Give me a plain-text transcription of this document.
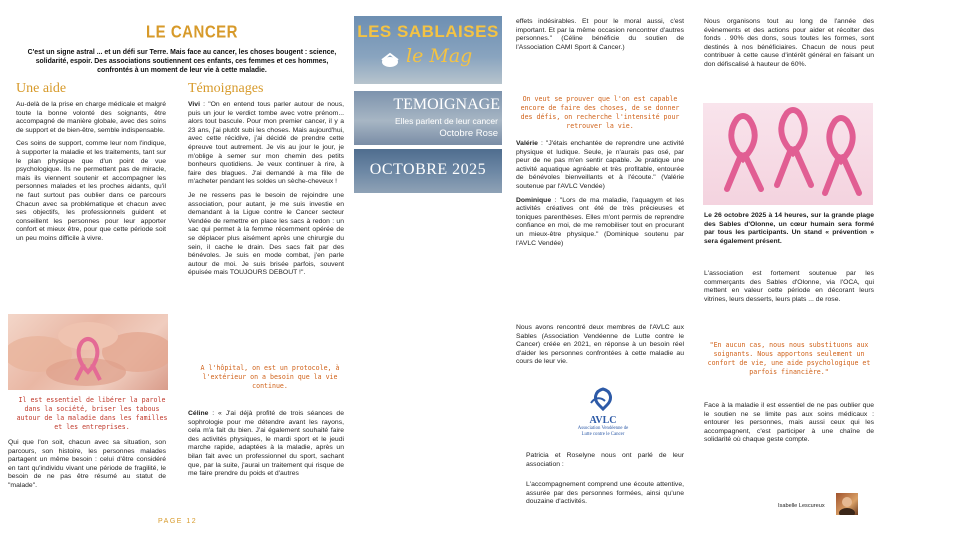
LE CANCER
C'est un signe astral ... et un défi sur Terre. Mais face au cancer, les choses bougent : science, solidarité, espoir. Des associations soutiennent ces enfants, ces femmes et ces hommes, confrontés à un moment de leur vie à cette maladie.
Une aide

Au-delà de la prise en charge médicale et malgré toute la bonne volonté des soignants, être accompagné de manière globale, avec des soins de support et de bien-être, semble indispensable.

Ces soins de support, comme leur nom l'indique, à supporter la maladie et les traitements, tant sur le plan physique que d'un point de vue psychologique. Ils ne permettent pas de miracle, mais ils viennent soutenir et accompagner les personnes malades et les proches aidants, qu'il ne faut surtout pas oublier dans ce parcours Chacun avec sa problématique et chacun avec ses objectifs, les professionnels guident et conseillent les personnes pour leur apporter confort et mieux être, pour que cette période soit un peu moins difficile à vivre.

Il est essentiel de libérer la parole dans la société, briser les tabous autour de la maladie dans les familles et les entreprises.

Qui que l'on soit, chacun avec sa situation, son parcours, son histoire, les personnes malades partagent un même besoin : celui d'être considéré en tant qu'individu vivant une période de fragilité, le besoin de ne pas être résumé au statut de "malade".

PAGE 12
Témoignages

Vivi : "On en entend tous parler autour de nous, puis un jour le verdict tombe avec votre prénom... alors tout bascule. Pour mon premier cancer, il y a 23 ans, j'ai plutôt subi les choses. Mais aujourd'hui, avec cette récidive, j'ai décidé de prendre cette épreuve tout autrement. Je vis au jour le jour, je m'oblige à semer sur mon chemin des petits bonheurs quotidiens. Je veux continuer à rire, à faire des blagues. J'ai demandé à ma fille de m'acheter pendant les soldes un sèche-cheveux !

Je ne ressens pas le besoin de rejoindre une association, pour autant, je me suis investie en demandant à la Ligue contre le Cancer secteur Vendée de remettre en place les sacs à redon : un sac qui permet à la femme récemment opérée de se déplacer plus aisément après une chirurgie du sein, il cache le drain. Des sacs fait par des bénévoles. Je suis en mode combat, j'en parle autour de moi. Je suis brisée parfois, souvent épuisée mais TOUJOURS DEBOUT !".

A l'hôpital, on est un protocole, à l'extérieur on a besoin que la vie continue.

Céline : « J'ai déjà profité de trois séances de sophrologie pour me détendre avant les rayons, cela m'a fait du bien. J'ai également souhaité faire des activités physiques, le mardi sport et le jeudi marche rapide, adaptées à la maladie, après un bilan fait avec un professionnel du sport, sachant que, par la suite, j'aurai un traitement qui risque de me faire prendre du poids et d'autres

LES SABLAISES
le Mag
TEMOIGNAGE
Elles parlent de leur cancer
Octobre Rose
OCTOBRE 2025

effets indésirables. Et pour le moral aussi, c'est important. Et par la même occasion rencontrer d'autres personnes." (Céline bénéficie du soutien de l'Association CAMI Sport & Cancer.)

On veut se prouver que l'on est capable encore de faire des choses, de se donner des défis, on recherche l'intensité pour retrouver la vie.

Valérie : "J'étais enchantée de reprendre une activité physique et ludique. Seule, je n'aurais pas osé, par peur de ne pas m'en sentir capable. Je pratique une activité aquatique agréable et très profitable, entourée de bénévoles bienveillants et à l'écoute." (Valérie soutenue par l'AVLC Vendée)

Dominique : "Lors de ma maladie, l'aquagym et les activités créatives ont été de très précieuses et toniques parenthèses. Elles m'ont permis de reprendre confiance en moi, de me remobiliser tout en procurant un mieux-être physique." (Dominique soutenu par l'AVLC Vendée)

Nous avons rencontré deux membres de l'AVLC aux Sables (Association Vendéenne de Lutte contre le Cancer) créée en 2021, en réponse à un besoin réel d'aider les personnes confrontées à cette maladie au cours de leur vie.

AVLC
Association Vendéenne de
Lutte contre le Cancer

Patricia et Roselyne nous ont parlé de leur association :

L'accompagnement comprend une écoute attentive, assurée par des personnes formées, ainsi qu'une douzaine d'activités.

Nous organisons tout au long de l'année des évènements et des actions pour aider et récolter des fonds . 90% des dons, sous toutes les formes, sont destinés à nos bénéficiaires. Chacun de nous peut contribuer à cette cause d'intérêt général en faisant un don défiscalisé à hauteur de 60%.

Le 26 octobre 2025 à 14 heures, sur la grande plage des Sables d'Olonne, un cœur humain sera formé par tous les participants. Un stand « prévention » sera également présent.

L'association est fortement soutenue par les commerçants des Sables d'Olonne, via l'OCA, qui mettent en valeur cette période en décorant leurs vitrines, leurs desserts, leurs plats ... de rose.

"En aucun cas, nous nous substituons aux soignants. Nous apportons seulement un confort de vie, une aide psychologique et parfois financière."

Face à la maladie il est essentiel de ne pas oublier que le soutien ne se limite pas aux soins médicaux : entourer les personnes, mais aussi ceux qui les accompagnent, c'est participer à une chaîne de solidarité où chaque geste compte.

Isabelle Lescureux
